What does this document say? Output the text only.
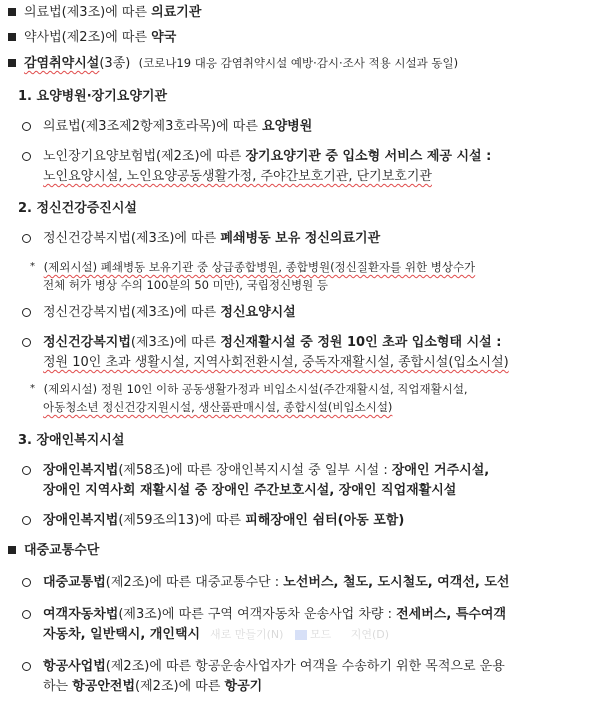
의료법(제3조)에 따른 의료기관
약사법(제2조)에 따른 약국
감염취약시설(3종) (코로나19 대응 감염취약시설 예방·감시·조사 적용 시설과 동일)
1. 요양병원·장기요양기관
의료법(제3조제2항제3호라목)에 따른 요양병원
노인장기요양보험법(제2조)에 따른 장기요양기관 중 입소형 서비스 제공 시설 :
노인요양시설, 노인요양공동생활가정, 주야간보호기관, 단기보호기관
2. 정신건강증진시설
정신건강복지법(제3조)에 따른 폐쇄병동 보유 정신의료기관
* (제외시설) 폐쇄병동 보유기관 중 상급종합병원, 종합병원(정신질환자를 위한 병상수가
전체 허가 병상 수의 100분의 50 미만), 국립정신병원 등
정신건강복지법(제3조)에 따른 정신요양시설
정신건강복지법(제3조)에 따른 정신재활시설 중 정원 10인 초과 입소형태 시설 :
정원 10인 초과 생활시설, 지역사회전환시설, 중독자재활시설, 종합시설(입소시설)
* (제외시설) 정원 10인 이하 공동생활가정과 비입소시설(주간재활시설, 직업재활시설,
아동청소년 정신건강지원시설, 생산품판매시설, 종합시설(비입소시설)
3. 장애인복지시설
장애인복지법(제58조)에 따른 장애인복지시설 중 일부 시설 : 장애인 거주시설,
장애인 지역사회 재활시설 중 장애인 주간보호시설, 장애인 직업재활시설
장애인복지법(제59조의13)에 따른 피해장애인 쉼터(아동 포함)
대중교통수단
대중교통법(제2조)에 따른 대중교통수단 : 노선버스, 철도, 도시철도, 여객선, 도선
여객자동차법(제3조)에 따른 구역 여객자동차 운송사업 차량 : 전세버스, 특수여객
자동차, 일반택시, 개인택시
항공사업법(제2조)에 따른 항공운송사업자가 여객을 수송하기 위한 목적으로 운용
하는 항공안전법(제2조)에 따른 항공기
새로 만들기(N) 모드 지연(D)
